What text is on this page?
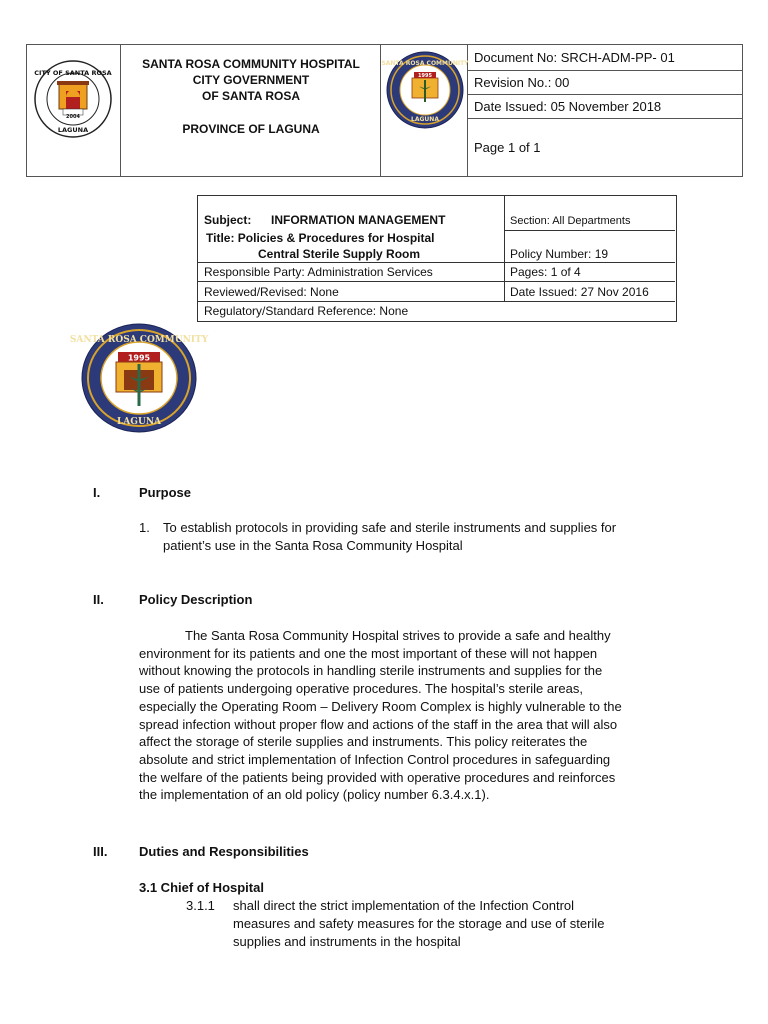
CITY OF SANTA ROSA
LAGUNA
2004
SANTA ROSA COMMUNITY HOSPITAL
CITY GOVERNMENT
OF SANTA ROSA
PROVINCE OF LAGUNA
SANTA ROSA COMMUNITY
LAGUNA
1995
Document No: SRCH-ADM-PP- 01
Revision No.: 00
Date Issued: 05 November 2018
Page 1 of 1
Subject: INFORMATION MANAGEMENT
Title: Policies & Procedures for Hospital
Central Sterile Supply Room
Section: All Departments
Policy Number: 19
Responsible Party: Administration Services	Pages: 1 of 4
Reviewed/Revised: None	Date Issued: 27 Nov 2016
Regulatory/Standard Reference: None
1995
SANTA ROSA COMMUNITY
LAGUNA
I.	Purpose
1. To establish protocols in providing safe and sterile instruments and supplies for
patient’s use in the Santa Rosa Community Hospital
II.	Policy Description
The Santa Rosa Community Hospital strives to provide a safe and healthy
environment for its patients and one the most important of these will not happen
without knowing the protocols in handling sterile instruments and supplies for the
use of patients undergoing operative procedures. The hospital’s sterile areas,
especially the Operating Room – Delivery Room Complex is highly vulnerable to the
spread infection without proper flow and actions of the staff in the area that will also
affect the storage of sterile supplies and instruments. This policy reiterates the
absolute and strict implementation of Infection Control procedures in safeguarding
the welfare of the patients being provided with operative procedures and reinforces
the implementation of an old policy (policy number 6.3.4.x.1).
III. Duties and Responsibilities
3.1 Chief of Hospital
3.1.1 shall direct the strict implementation of the Infection Control
measures and safety measures for the storage and use of sterile
supplies and instruments in the hospital
